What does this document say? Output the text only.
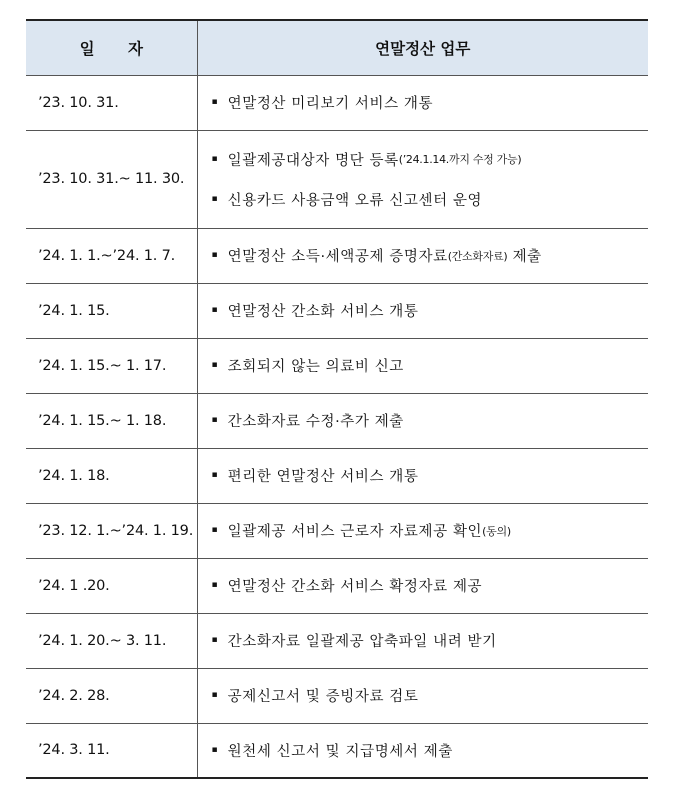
일 자	연말정산 업무
’23. 10. 31.	▪ 연말정산 미리보기 서비스 개통

’23. 10. 31.~ 11. 30.	▪ 일괄제공대상자 명단 등록 (’24.1.14.까지 수정 가능)
▪ 신용카드 사용금액 오류 신고센터 운영

’24. 1. 1.~’24. 1. 7.	▪ 연말정산 소득·세액공제 증명자료 (간소화자료) 제출

’24. 1. 15.	▪ 연말정산 간소화 서비스 개통

’24. 1. 15.~ 1. 17.	▪ 조회되지 않는 의료비 신고

’24. 1. 15.~ 1. 18.	▪ 간소화자료 수정·추가 제출

’24. 1. 18.	▪ 편리한 연말정산 서비스 개통

’23. 12. 1.~’24. 1. 19.	▪ 일괄제공 서비스 근로자 자료제공 확인 (동의)

’24. 1 .20.	▪ 연말정산 간소화 서비스 확정자료 제공

’24. 1. 20.~ 3. 11.	▪ 간소화자료 일괄제공 압축파일 내려 받기

’24. 2. 28.	▪ 공제신고서 및 증빙자료 검토

’24. 3. 11.	▪ 원천세 신고서 및 지급명세서 제출
